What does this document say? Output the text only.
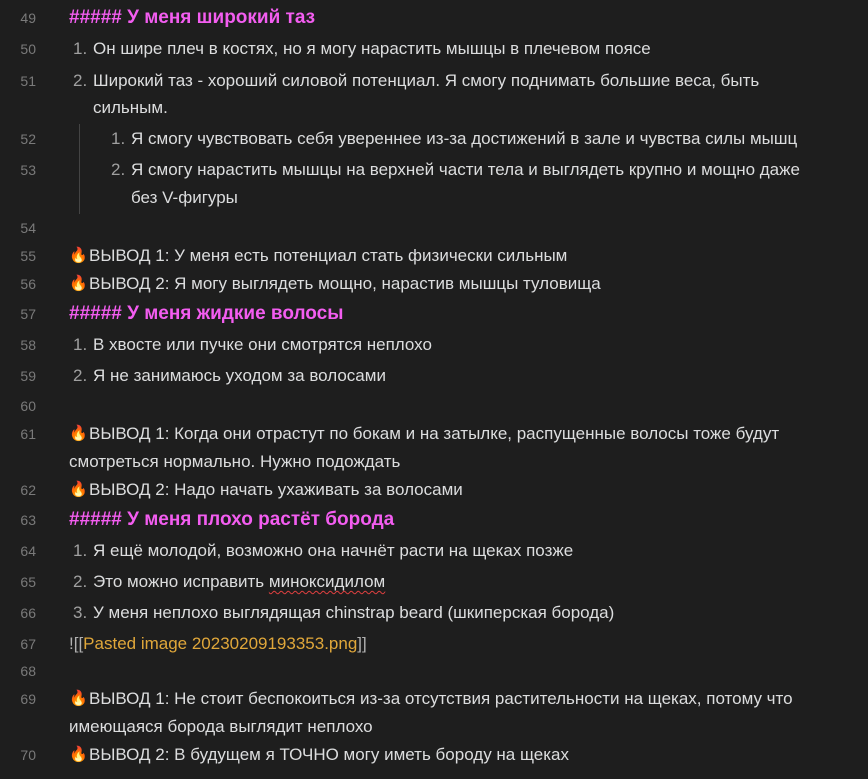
49 ##### У меня широкий таз
50 1. Он шире плеч в костях, но я могу нарастить мышцы в плечевом поясе
51 2. Широкий таз - хороший силовой потенциал. Я смогу поднимать большие веса, быть
сильным.
52	1. Я смогу чувствовать себя увереннее из-за достижений в зале и чувства силы мышц
53	2. Я смогу нарастить мышцы на верхней части тела и выглядеть крупно и мощно даже
без V-фигуры
54
55 🔥 ВЫВОД 1: У меня есть потенциал стать физически сильным
56 🔥 ВЫВОД 2: Я могу выглядеть мощно, нарастив мышцы туловища
57 ##### У меня жидкие волосы
58 1. В хвосте или пучке они смотрятся неплохо
59 2. Я не занимаюсь уходом за волосами
60
61 🔥 ВЫВОД 1: Когда они отрастут по бокам и на затылке, распущенные волосы тоже будут
смотреться нормально. Нужно подождать
62 🔥 ВЫВОД 2: Надо начать ухаживать за волосами
63 ##### У меня плохо растёт борода
64 1. Я ещё молодой, возможно она начнёт расти на щеках позже
65 2. Это можно исправить миноксидилом
66 3. У меня неплохо выглядящая chinstrap beard (шкиперская борода)
67 ![[Pasted image 20230209193353.png]]
68
69 🔥 ВЫВОД 1: Не стоит беспокоиться из-за отсутствия растительности на щеках, потому что
имеющаяся борода выглядит неплохо
70 🔥 ВЫВОД 2: В будущем я ТОЧНО могу иметь бороду на щеках
